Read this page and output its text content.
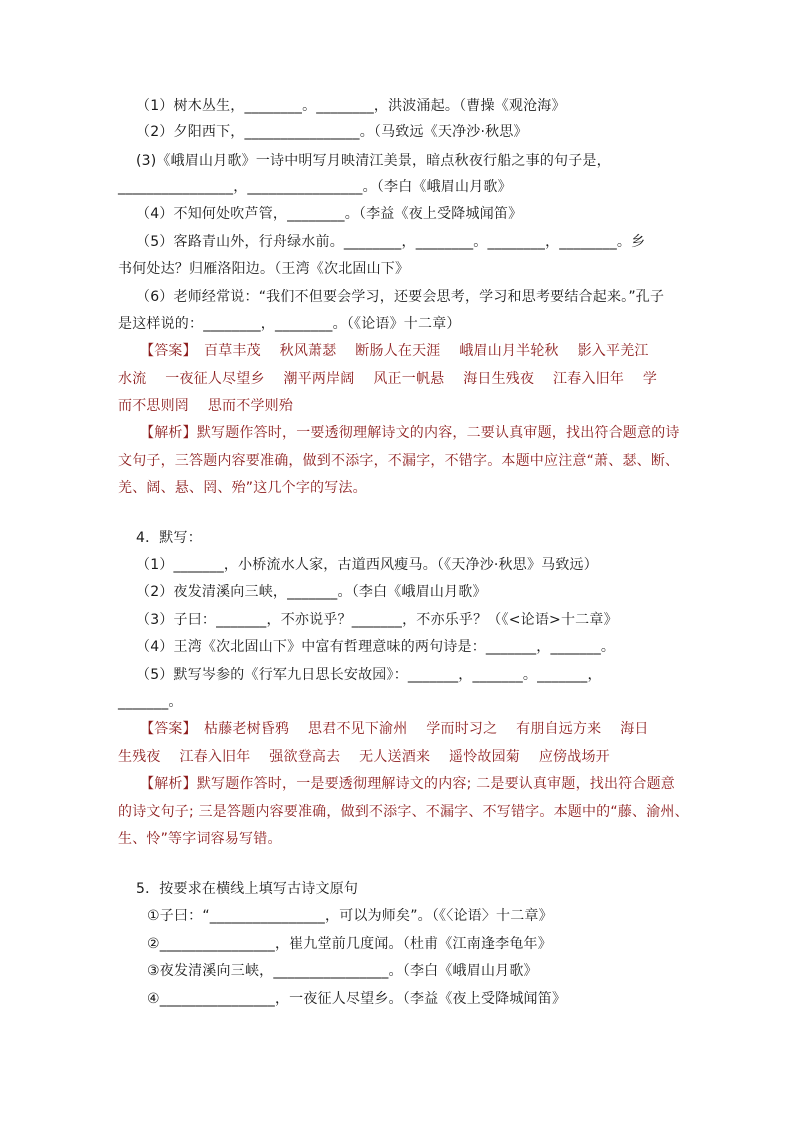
（1）树木丛生，________。________，洪波涌起。（曹操《观沧海》
（2）夕阳西下，________________。（马致远《天净沙·秋思》
(3)《峨眉山月歌》一诗中明写月映清江美景，暗点秋夜行船之事的句子是，
________________，________________。（李白《峨眉山月歌》
（4）不知何处吹芦管，________。（李益《夜上受降城闻笛》
（5）客路青山外，行舟绿水前。________，________。________，________。乡
书何处达？归雁洛阳边。（王湾《次北固山下》
（6）老师经常说：“我们不但要会学习，还要会思考，学习和思考要结合起来。”孔子
是这样说的：________，________。（《论语》十二章）
【答案】　百草丰茂　 秋风萧瑟　 断肠人在天涯　 峨眉山月半轮秋　 影入平羌江
水流　 一夜征人尽望乡　 潮平两岸阔　 风正一帆悬　 海日生残夜　 江春入旧年　 学
而不思则罔　 思而不学则殆
【解析】默写题作答时，一要透彻理解诗文的内容，二要认真审题，找出符合题意的诗
文句子，三答题内容要准确，做到不添字，不漏字，不错字。本题中应注意“萧、瑟、断、
羌、阔、悬、罔、殆”这几个字的写法。
4．默写：
（1）_______，小桥流水人家，古道西风瘦马。（《天净沙·秋思》马致远）
（2）夜发清溪向三峡，_______。（李白《峨眉山月歌》
（3）子曰：_______，不亦说乎？_______，不亦乐乎？（《<论语>十二章》
（4）王湾《次北固山下》中富有哲理意味的两句诗是：_______，_______。
（5）默写岑参的《行军九日思长安故园》：_______，_______。_______，
_______。
【答案】　枯藤老树昏鸦　 思君不见下渝州　 学而时习之　 有朋自远方来　 海日
生残夜　 江春入旧年　 强欲登高去　 无人送酒来　 遥怜故园菊　 应傍战场开
【解析】默写题作答时，一是要透彻理解诗文的内容; 二是要认真审题，找出符合题意
的诗文句子; 三是答题内容要准确，做到不添字、不漏字、不写错字。本题中的“藤、渝州、
生、怜”等字词容易写错。
5．按要求在横线上填写古诗文原句
①子曰：“________________，可以为师矣”。（《〈论语〉十二章》
②________________，崔九堂前几度闻。（杜甫《江南逢李龟年》
③夜发清溪向三峡，________________。（李白《峨眉山月歌》
④________________，一夜征人尽望乡。（李益《夜上受降城闻笛》
